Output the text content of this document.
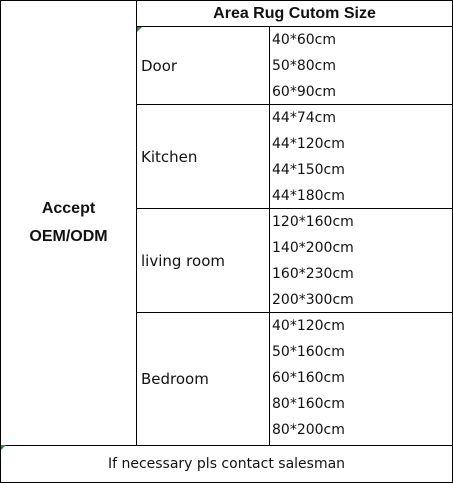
Accept
OEM/ODM
Area Rug Cutom Size
Door
40*60cm
50*80cm
60*90cm
Kitchen
44*74cm
44*120cm
44*150cm
44*180cm
living room
120*160cm
140*200cm
160*230cm
200*300cm
Bedroom
40*120cm
50*160cm
60*160cm
80*160cm
80*200cm
If necessary pls contact salesman
